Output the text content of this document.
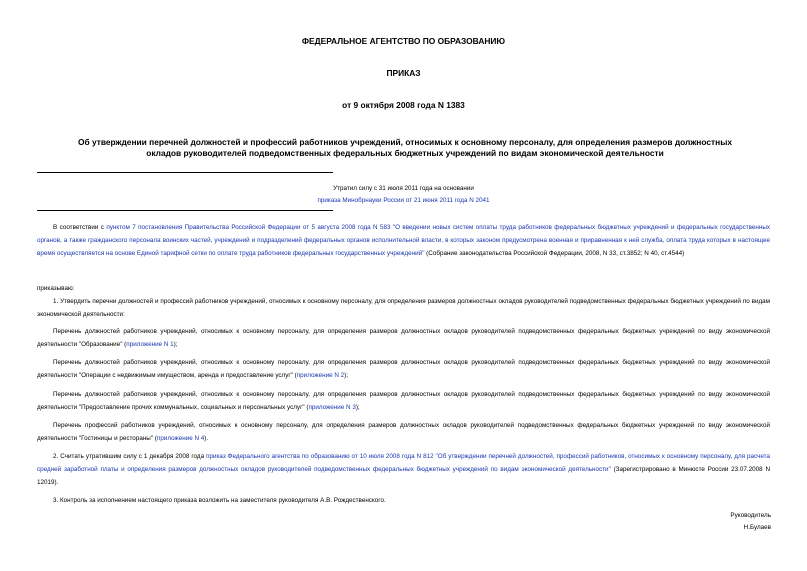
ФЕДЕРАЛЬНОЕ АГЕНТСТВО ПО ОБРАЗОВАНИЮ
ПРИКАЗ
от 9 октября 2008 года N 1383
Об утверждении перечней должностей и профессий работников учреждений, относимых к основному персоналу, для определения размеров должностных окладов руководителей подведомственных федеральных бюджетных учреждений по видам экономической деятельности
Утратил силу с 31 июля 2011 года на основании
приказа Минобрнауки России от 21 июня 2011 года N 2041
В соответствии с пунктом 7 постановления Правительства Российской Федерации от 5 августа 2008 года N 583 "О введении новых систем оплаты труда работников федеральных бюджетных учреждений и федеральных государственных органов, а также гражданского персонала воинских частей, учреждений и подразделений федеральных органов исполнительной власти, в которых законом предусмотрена военная и приравненная к ней служба, оплата труда которых в настоящее время осуществляется на основе Единой тарифной сетки по оплате труда работников федеральных государственных учреждений" (Собрание законодательства Российской Федерации, 2008, N 33, ст.3852; N 40, ст.4544)
приказываю:
1. Утвердить перечни должностей и профессий работников учреждений, относимых к основному персоналу, для определения размеров должностных окладов руководителей подведомственных федеральных бюджетных учреждений по видам экономической деятельности:
Перечень должностей работников учреждений, относимых к основному персоналу, для определения размеров должностных окладов руководителей подведомственных федеральных бюджетных учреждений по виду экономической деятельности "Образование" (приложение N 1);
Перечень должностей работников учреждений, относимых к основному персоналу, для определения размеров должностных окладов руководителей подведомственных федеральных бюджетных учреждений по виду экономической деятельности "Операции с недвижимым имуществом, аренда и предоставление услуг" (приложение N 2);
Перечень должностей работников учреждений, относимых к основному персоналу, для определения размеров должностных окладов руководителей подведомственных федеральных бюджетных учреждений по виду экономической деятельности "Предоставление прочих коммунальных, социальных и персональных услуг" (приложение N 3);
Перечень профессий работников учреждений, относимых к основному персоналу, для определения размеров должностных окладов руководителей подведомственных федеральных бюджетных учреждений по виду экономической деятельности "Гостиницы и рестораны" (приложение N 4).
2. Считать утратившим силу с 1 декабря 2008 года приказ Федерального агентства по образованию от 10 июля 2008 года N 812 "Об утверждении перечней должностей, профессий работников, относимых к основному персоналу, для расчета средней заработной платы и определения размеров должностных окладов руководителей подведомственных федеральных бюджетных учреждений по видам экономической деятельности" (Зарегистрировано в Минюсте России 23.07.2008 N 12019).
3. Контроль за исполнением настоящего приказа возложить на заместителя руководителя А.В. Рождественского.
Руководитель
Н.Булаев
